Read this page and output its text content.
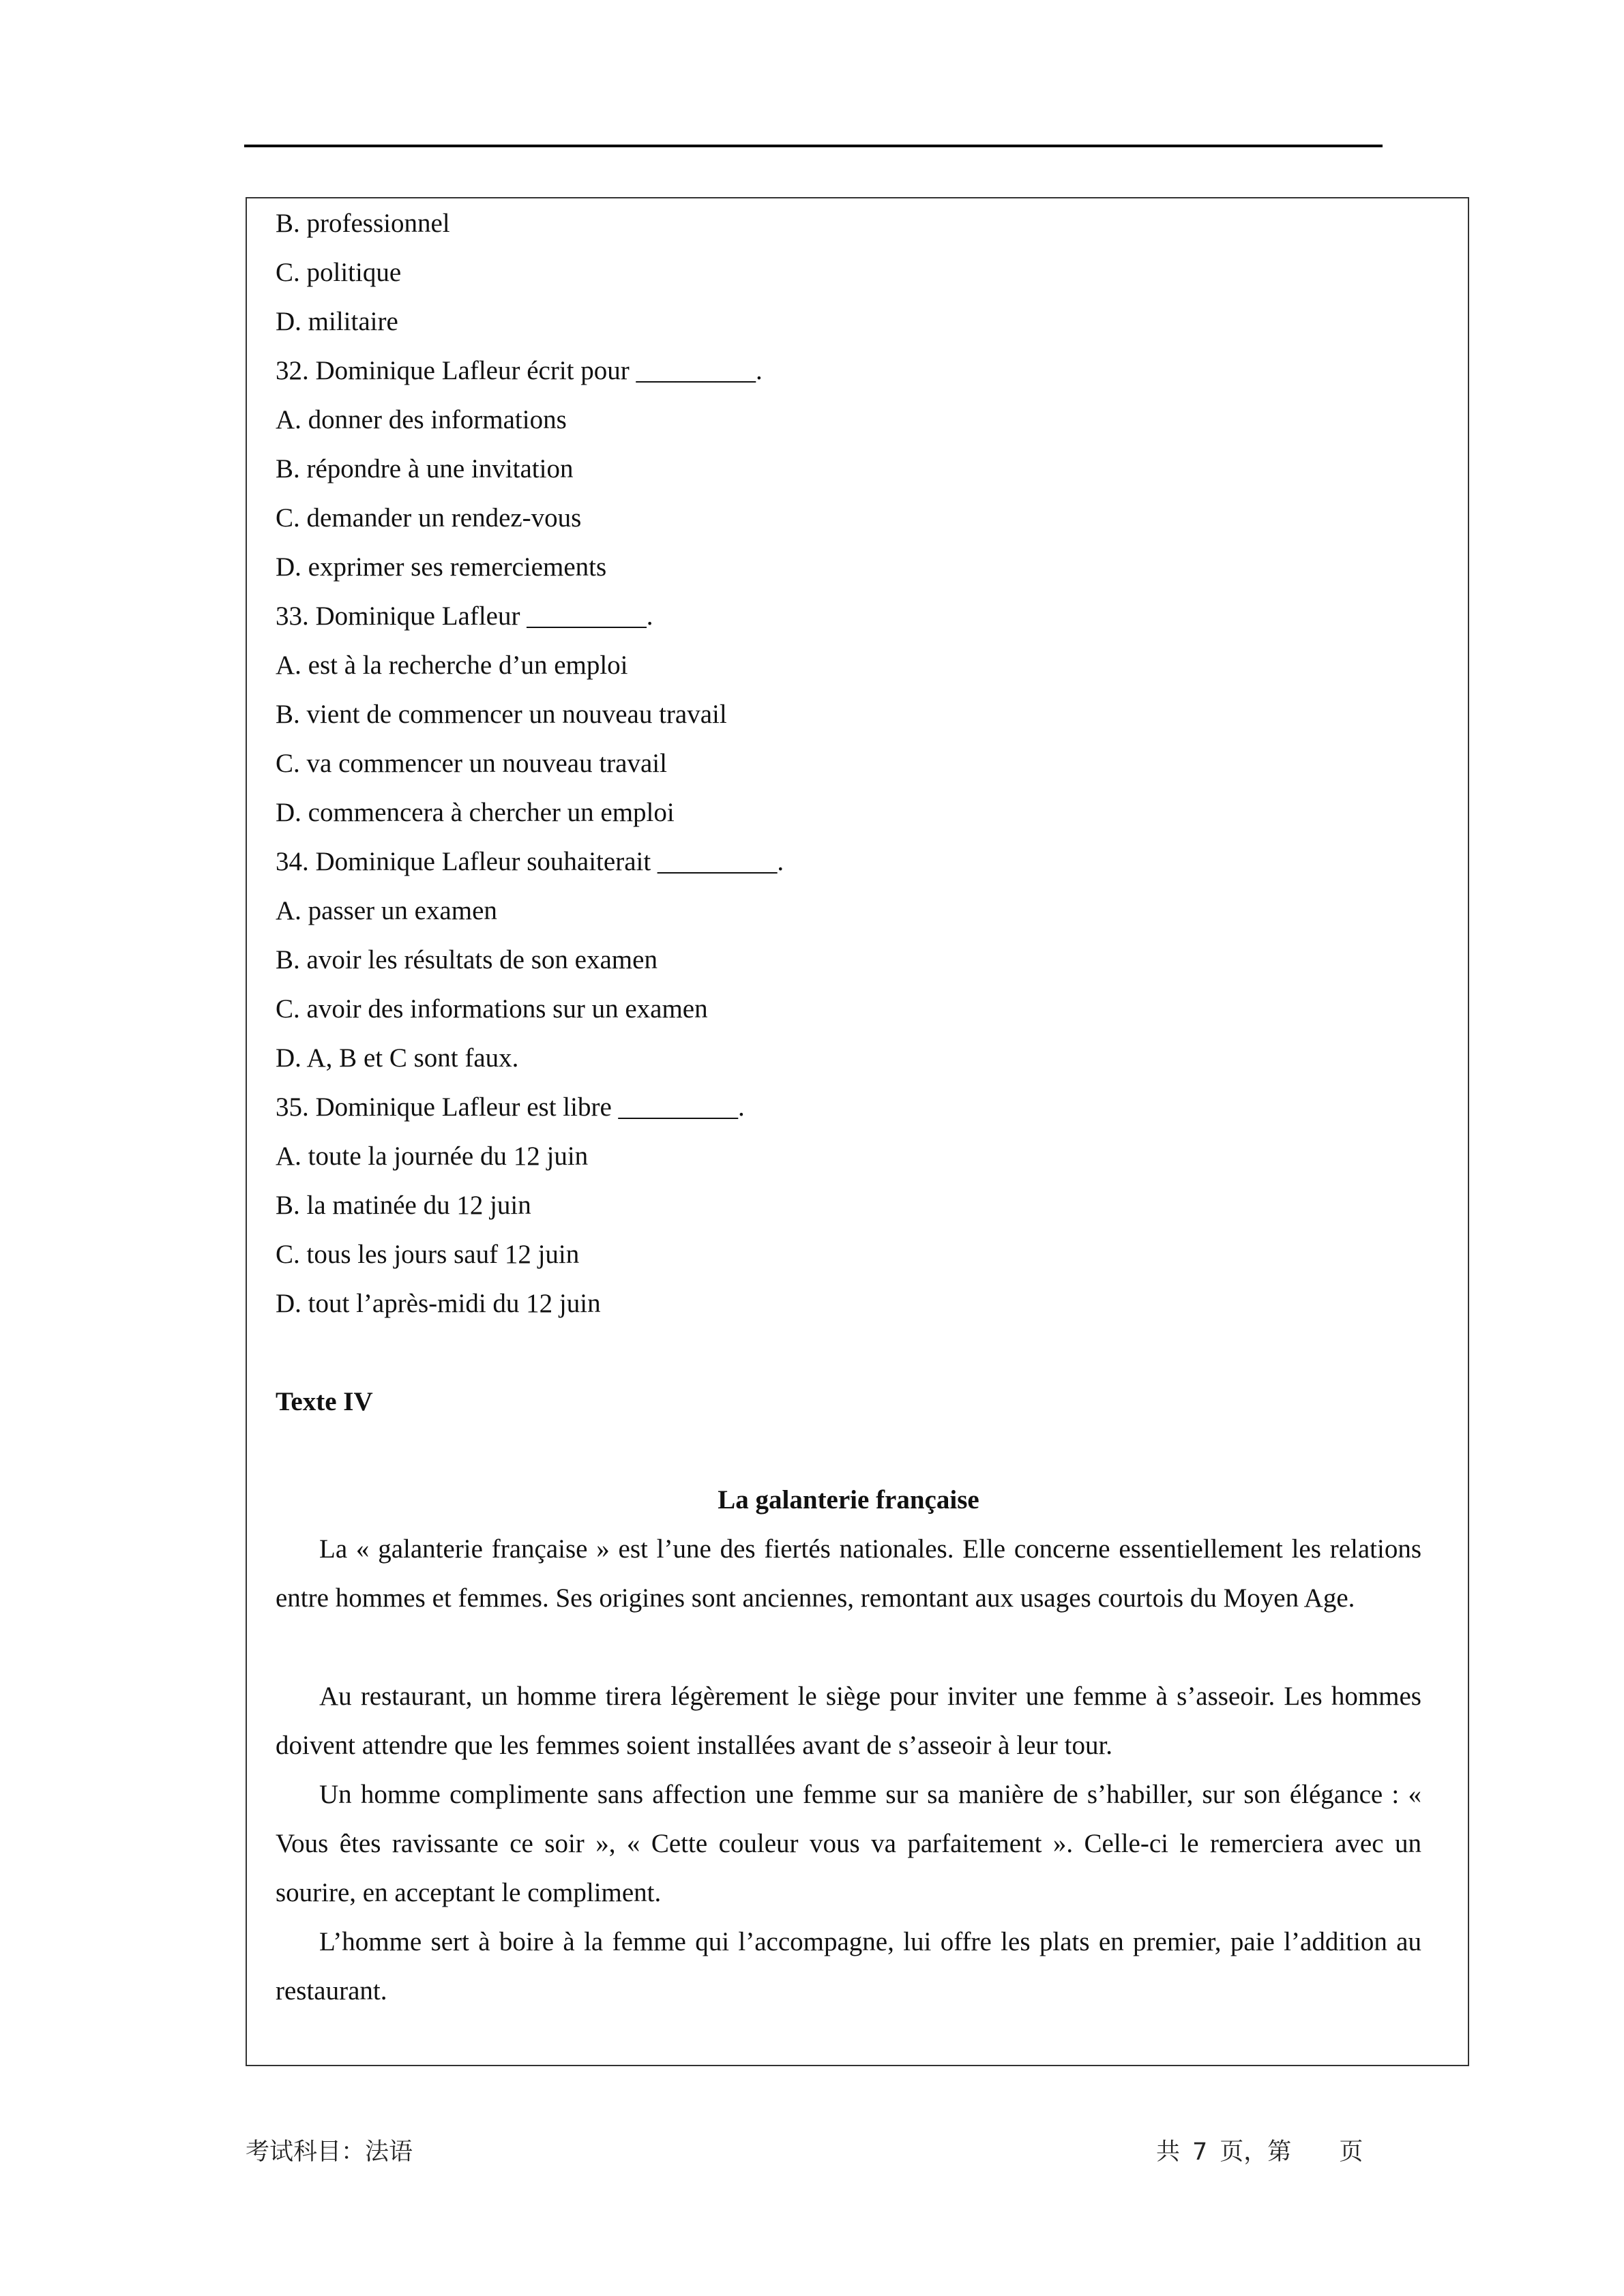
B. professionnel
C. politique
D. militaire
32. Dominique Lafleur écrit pour _________.
A. donner des informations
B. répondre à une invitation
C. demander un rendez-vous
D. exprimer ses remerciements
33. Dominique Lafleur _________.
A. est à la recherche d’un emploi
B. vient de commencer un nouveau travail
C. va commencer un nouveau travail
D. commencera à chercher un emploi
34. Dominique Lafleur souhaiterait _________.
A. passer un examen
B. avoir les résultats de son examen
C. avoir des informations sur un examen
D. A, B et C sont faux.
35. Dominique Lafleur est libre _________.
A. toute la journée du 12 juin
B. la matinée du 12 juin
C. tous les jours sauf 12 juin
D. tout l’après-midi du 12 juin
Texte IV
La galanterie française
La « galanterie française » est l’une des fiertés nationales. Elle concerne essentiellement les relations entre hommes et femmes. Ses origines sont anciennes, remontant aux usages courtois du Moyen Age.
Au restaurant, un homme tirera légèrement le siège pour inviter une femme à s’asseoir. Les hommes doivent attendre que les femmes soient installées avant de s’asseoir à leur tour.
Un homme complimente sans affection une femme sur sa manière de s’habiller, sur son élégance : « Vous êtes ravissante ce soir », « Cette couleur vous va parfaitement ». Celle-ci le remerciera avec un sourire, en acceptant le compliment.
L’homme sert à boire à la femme qui l’accompagne, lui offre les plats en premier, paie l’addition au restaurant.
考试科目：法语	共 7 页，第 页
